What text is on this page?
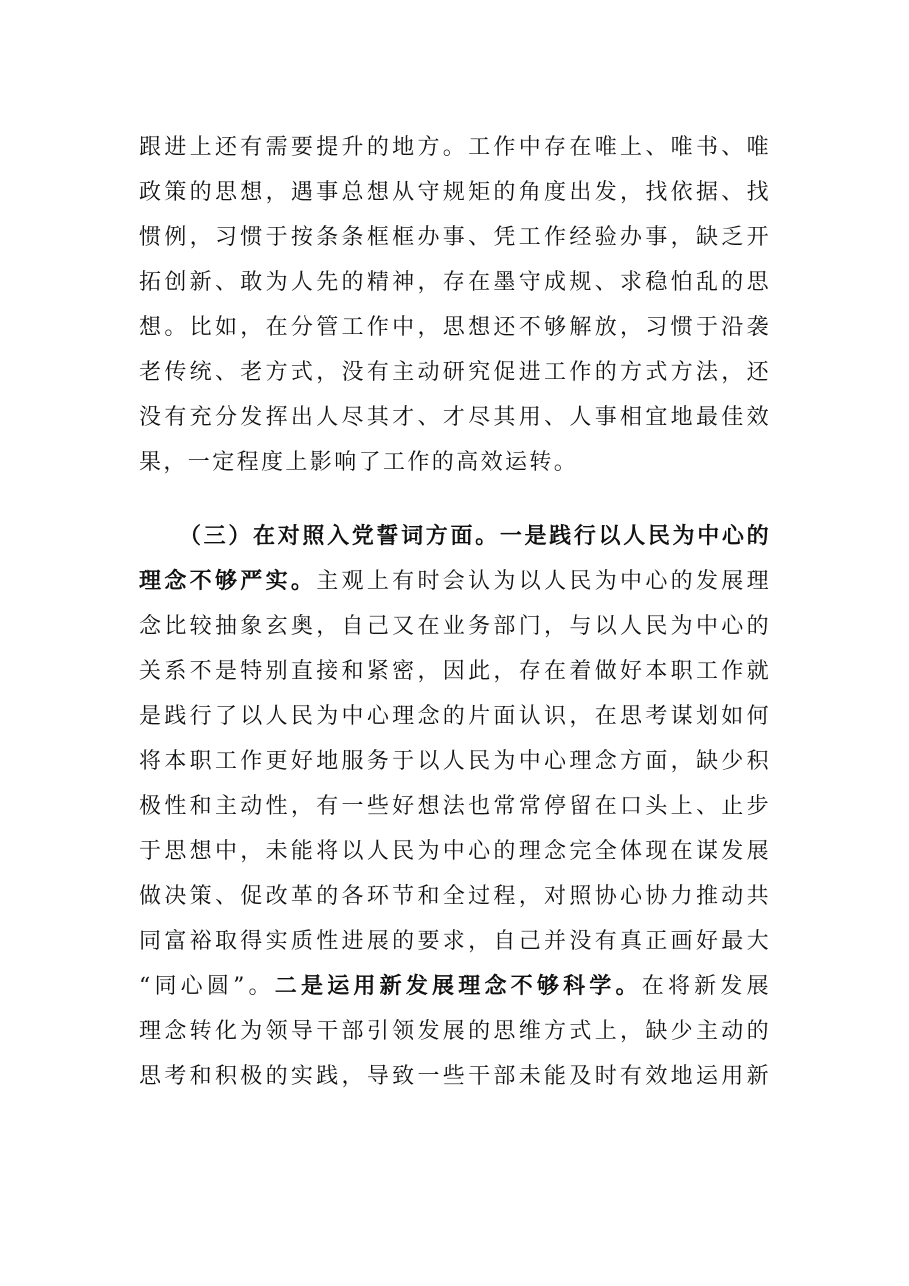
跟进上还有需要提升的地方。工作中存在唯上、唯书、唯
政策的思想，遇事总想从守规矩的角度出发，找依据、找
惯例，习惯于按条条框框办事、凭工作经验办事，缺乏开
拓创新、敢为人先的精神，存在墨守成规、求稳怕乱的思
想。比如，在分管工作中，思想还不够解放，习惯于沿袭
老传统、老方式，没有主动研究促进工作的方式方法，还
没有充分发挥出人尽其才、才尽其用、人事相宜地最佳效
果，一定程度上影响了工作的高效运转。
（三）在对照入党誓词方面。一是践行以人民为中心的
理念不够严实。主观上有时会认为以人民为中心的发展理
念比较抽象玄奥，自己又在业务部门，与以人民为中心的
关系不是特别直接和紧密，因此，存在着做好本职工作就
是践行了以人民为中心理念的片面认识，在思考谋划如何
将本职工作更好地服务于以人民为中心理念方面，缺少积
极性和主动性，有一些好想法也常常停留在口头上、止步
于思想中，未能将以人民为中心的理念完全体现在谋发展
做决策、促改革的各环节和全过程，对照协心协力推动共
同富裕取得实质性进展的要求，自己并没有真正画好最大
“同心圆”。二是运用新发展理念不够科学。在将新发展
理念转化为领导干部引领发展的思维方式上，缺少主动的
思考和积极的实践，导致一些干部未能及时有效地运用新
